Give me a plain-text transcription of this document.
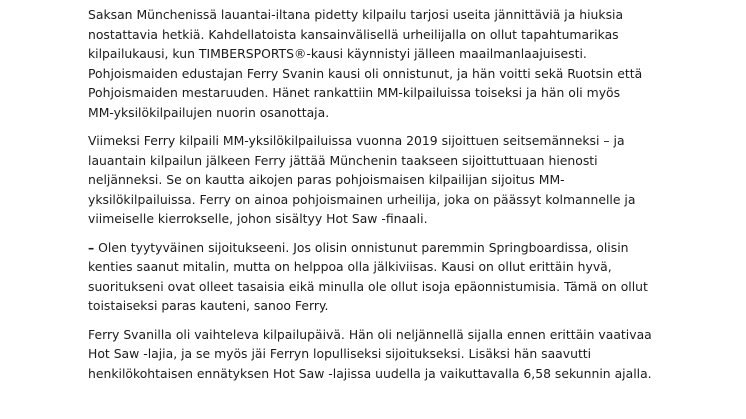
Saksan Münchenissä lauantai-iltana pidetty kilpailu tarjosi useita jännittäviä ja hiuksia
nostattavia hetkiä. Kahdellatoista kansainvälisellä urheilijalla on ollut tapahtumarikas
kilpailukausi, kun TIMBERSPORTS®-kausi käynnistyi jälleen maailmanlaajuisesti.
Pohjoismaiden edustajan Ferry Svanin kausi oli onnistunut, ja hän voitti sekä Ruotsin että
Pohjoismaiden mestaruuden. Hänet rankattiin MM-kilpailuissa toiseksi ja hän oli myös
MM-yksilökilpailujen nuorin osanottaja.

Viimeksi Ferry kilpaili MM-yksilökilpailuissa vuonna 2019 sijoittuen seitsemänneksi – ja
lauantain kilpailun jälkeen Ferry jättää Münchenin taakseen sijoittuttuaan hienosti
neljänneksi. Se on kautta aikojen paras pohjoismaisen kilpailijan sijoitus MM-
yksilökilpailuissa. Ferry on ainoa pohjoismainen urheilija, joka on päässyt kolmannelle ja
viimeiselle kierrokselle, johon sisältyy Hot Saw -finaali.

– Olen tyytyväinen sijoitukseeni. Jos olisin onnistunut paremmin Springboardissa, olisin
kenties saanut mitalin, mutta on helppoa olla jälkiviisas. Kausi on ollut erittäin hyvä,
suoritukseni ovat olleet tasaisia eikä minulla ole ollut isoja epäonnistumisia. Tämä on ollut
toistaiseksi paras kauteni, sanoo Ferry.

Ferry Svanilla oli vaihteleva kilpailupäivä. Hän oli neljännellä sijalla ennen erittäin vaativaa
Hot Saw -lajia, ja se myös jäi Ferryn lopulliseksi sijoitukseksi. Lisäksi hän saavutti
henkilökohtaisen ennätyksen Hot Saw -lajissa uudella ja vaikuttavalla 6,58 sekunnin ajalla.
